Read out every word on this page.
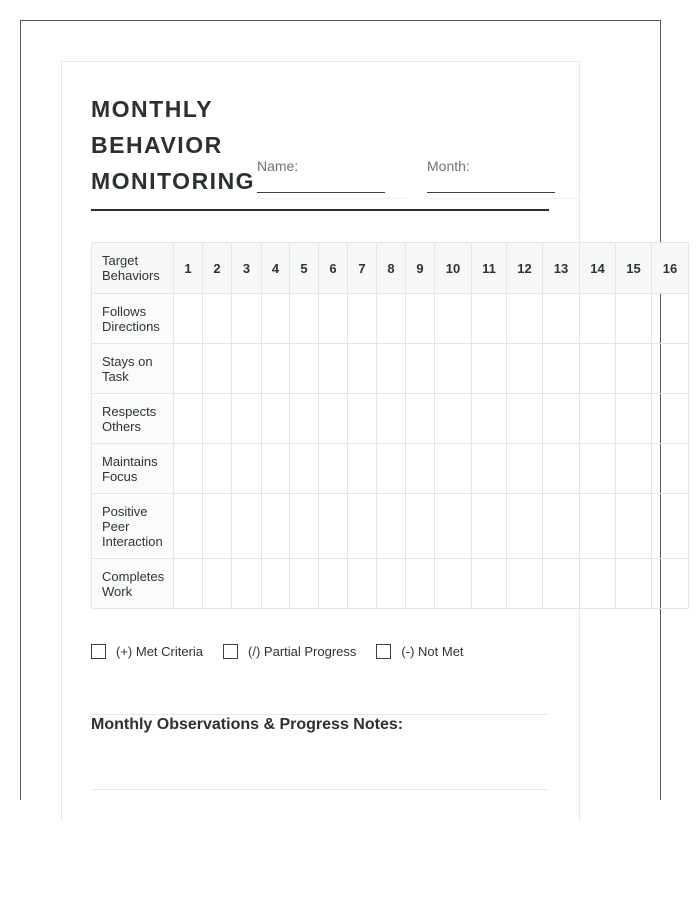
MONTHLY
BEHAVIOR
MONITORING
Name:	Month:
Target Behaviors	1	2	3	4	5	6	7	8	9	10	11	12	13	14	15	16
Follows Directions																
Stays on Task																
Respects Others																
Maintains Focus																
Positive Peer Interaction																
Completes Work																
(+) Met Criteria	(/) Partial Progress	(-) Not Met
Monthly Observations & Progress Notes:
